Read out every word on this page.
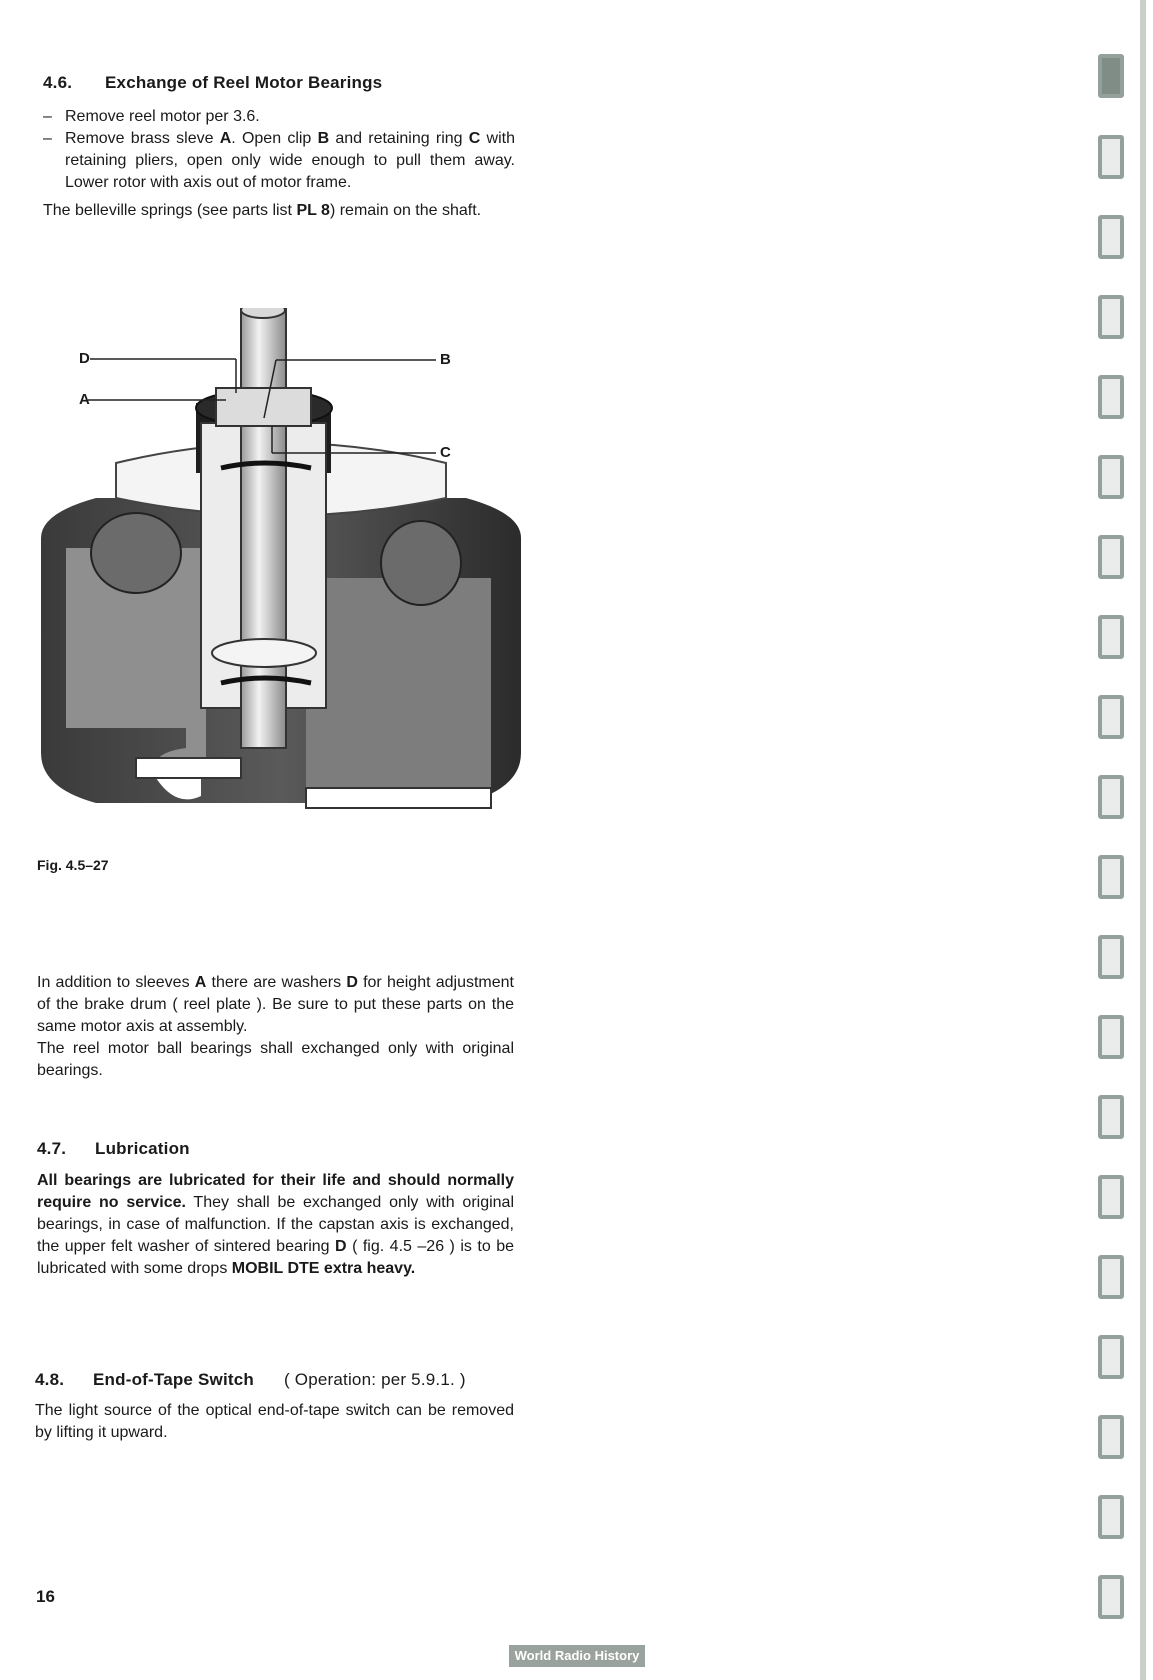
4.6. Exchange of Reel Motor Bearings
– Remove reel motor per 3.6.
– Remove brass sleve A. Open clip B and retaining ring C with retaining pliers, open only wide enough to pull them away. Lower rotor with axis out of motor frame.

The belleville springs (see parts list PL 8) remain on the shaft.

D
A
B
C
Fig. 4.5–27

In addition to sleeves A there are washers D for height adjustment of the brake drum ( reel plate ). Be sure to put these parts on the same motor axis at assembly.

The reel motor ball bearings shall exchanged only with original bearings.

4.7. Lubrication

All bearings are lubricated for their life and should normally require no service. They shall be exchanged only with original bearings, in case of malfunction. If the capstan axis is exchanged, the upper felt washer of sintered bearing D ( fig. 4.5 –26 ) is to be lubricated with some drops MOBIL DTE extra heavy.

4.8. End-of-Tape Switch ( Operation: per 5.9.1. )
The light source of the optical end-of-tape switch can be removed by lifting it upward.
16
World Radio History
